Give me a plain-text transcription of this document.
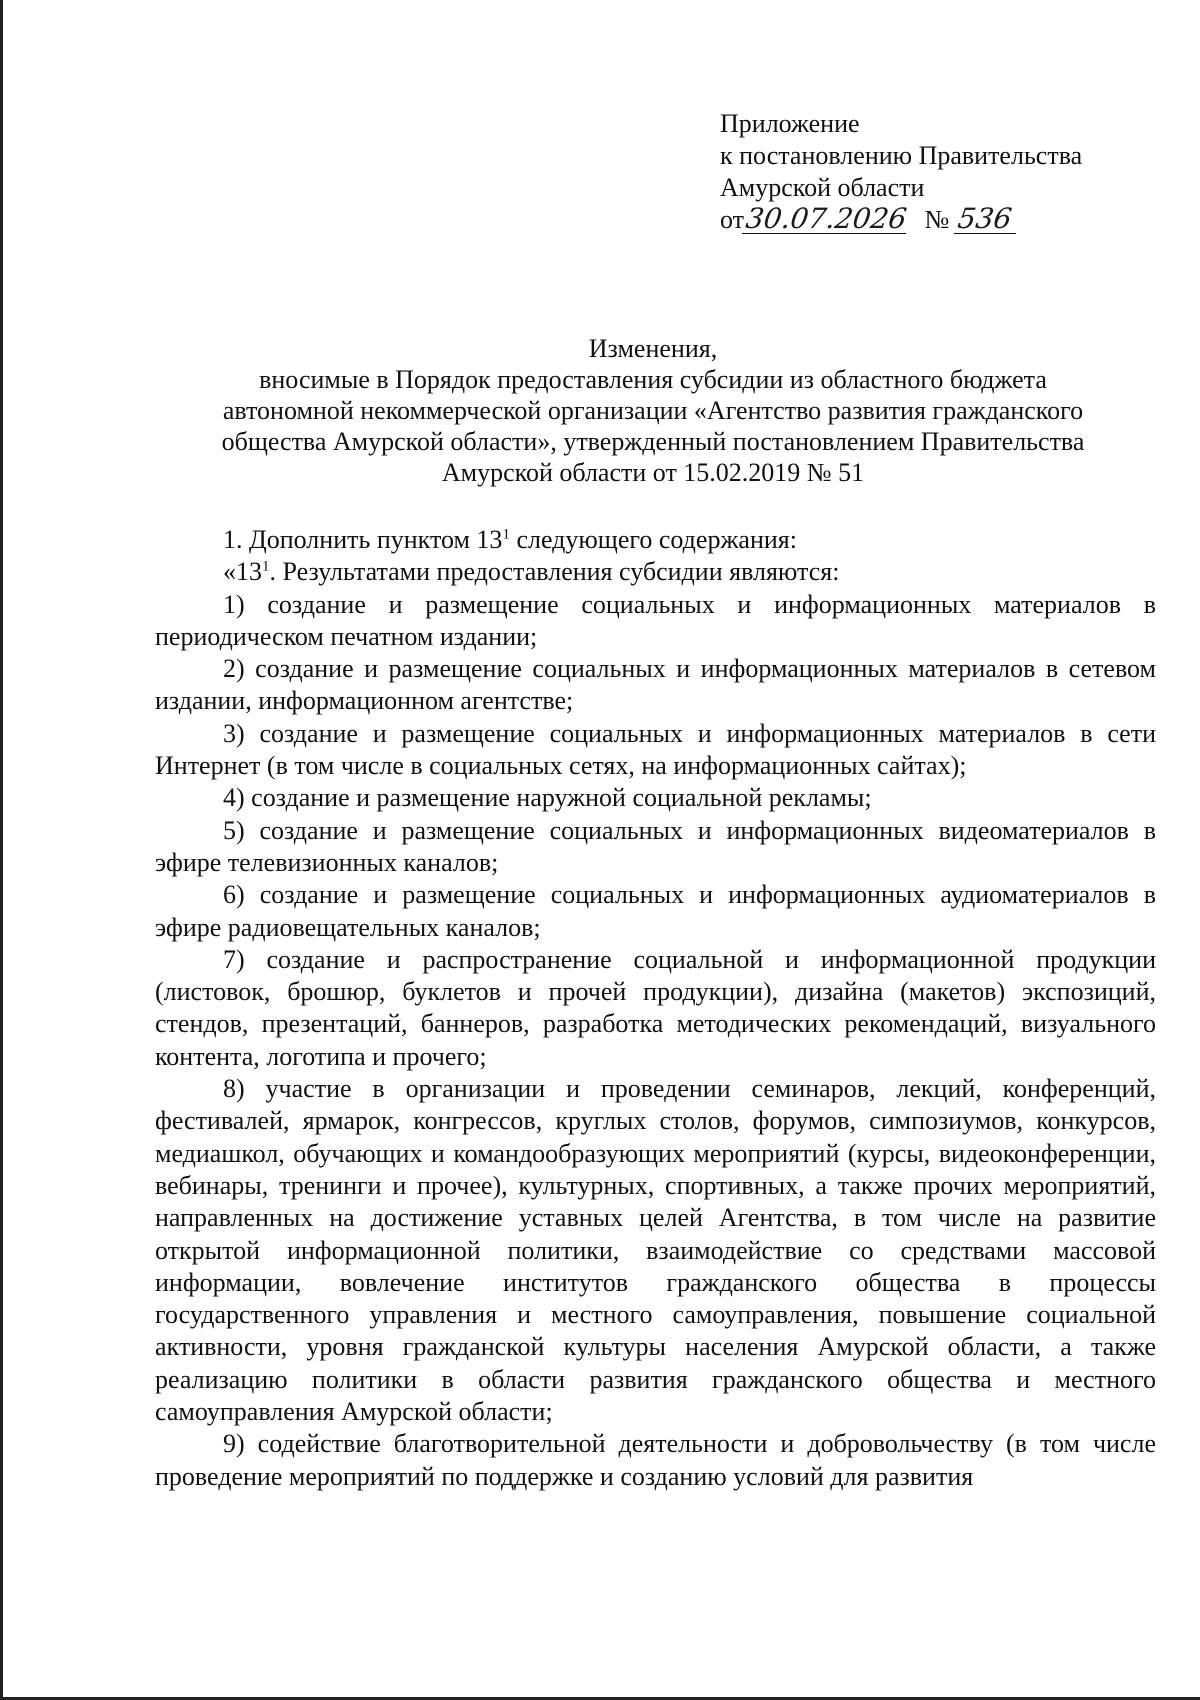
Приложение
к постановлению Правительства
Амурской области
от30.07.2026 № 536
Изменения,
вносимые в Порядок предоставления субсидии из областного бюджета
автономной некоммерческой организации «Агентство развития гражданского
общества Амурской области», утвержденный постановлением Правительства
Амурской области от 15.02.2019 № 51

1. Дополнить пунктом $13^1$ следующего содержания:

«$13^1$. Результатами предоставления субсидии являются:

1) создание и размещение социальных и информационных материалов в периодическом печатном издании;

2) создание и размещение социальных и информационных материалов в сетевом издании, информационном агентстве;

3) создание и размещение социальных и информационных материалов в сети Интернет (в том числе в социальных сетях, на информационных сайтах);

4) создание и размещение наружной социальной рекламы;

5) создание и размещение социальных и информационных видеоматериалов в эфире телевизионных каналов;

6) создание и размещение социальных и информационных аудиоматериалов в эфире радиовещательных каналов;

7) создание и распространение социальной и информационной продукции (листовок, брошюр, буклетов и прочей продукции), дизайна (макетов) экспозиций, стендов, презентаций, баннеров, разработка методических рекомендаций, визуального контента, логотипа и прочего;

8) участие в организации и проведении семинаров, лекций, конференций, фестивалей, ярмарок, конгрессов, круглых столов, форумов, симпозиумов, конкурсов, медиашкол, обучающих и командообразующих мероприятий (курсы, видеоконференции, вебинары, тренинги и прочее), культурных, спортивных, а также прочих мероприятий, направленных на достижение уставных целей Агентства, в том числе на развитие открытой информационной политики, взаимодействие со средствами массовой информации, вовлечение институтов гражданского общества в процессы государственного управления и местного самоуправления, повышение социальной активности, уровня гражданской культуры населения Амурской области, а также реализацию политики в области развития гражданского общества и местного самоуправления Амурской области;

9) содействие благотворительной деятельности и добровольчеству (в том числе проведение мероприятий по поддержке и созданию условий для развития
